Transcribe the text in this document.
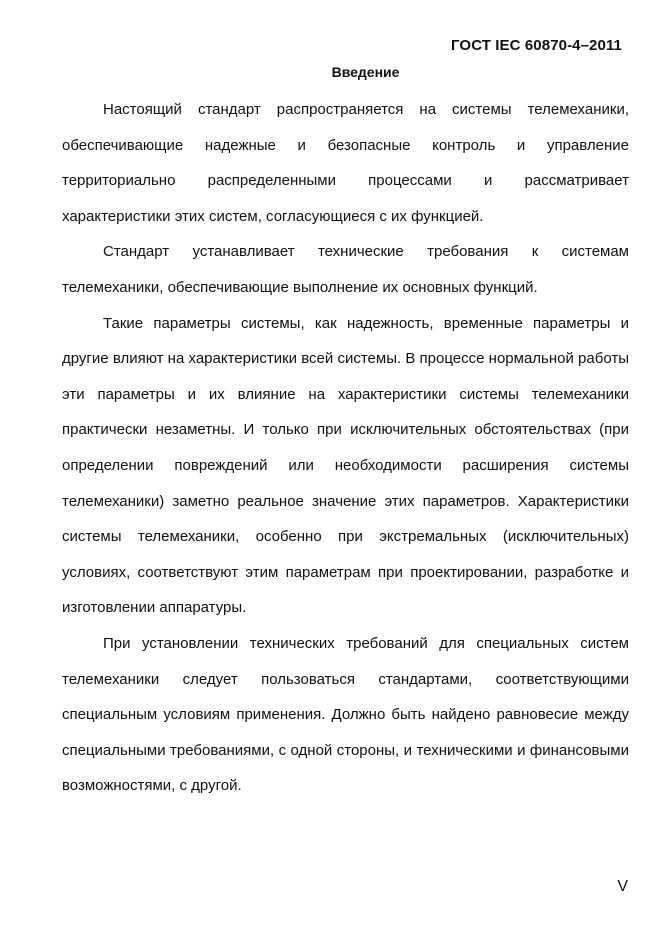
ГОСТ IEC 60870-4–2011
Введение

Настоящий стандарт распространяется на системы телемеханики, обеспечивающие надежные и безопасные контроль и управление территориально распределенными процессами и рассматривает характеристики этих систем, согласующиеся с их функцией.

Стандарт устанавливает технические требования к системам телемеханики, обеспечивающие выполнение их основных функций.

Такие параметры системы, как надежность, временные параметры и другие влияют на характеристики всей системы. В процессе нормальной работы эти параметры и их влияние на характеристики системы телемеханики практически незаметны. И только при исключительных обстоятельствах (при определении повреждений или необходимости расширения системы телемеханики) заметно реальное значение этих параметров. Характеристики системы телемеханики, особенно при экстремальных (исключительных) условиях, соответствуют этим параметрам при проектировании, разработке и изготовлении аппаратуры.

При установлении технических требований для специальных систем телемеханики следует пользоваться стандартами, соответствующими специальным условиям применения. Должно быть найдено равновесие между специальными требованиями, с одной стороны, и техническими и финансовыми возможностями, с другой.

V
